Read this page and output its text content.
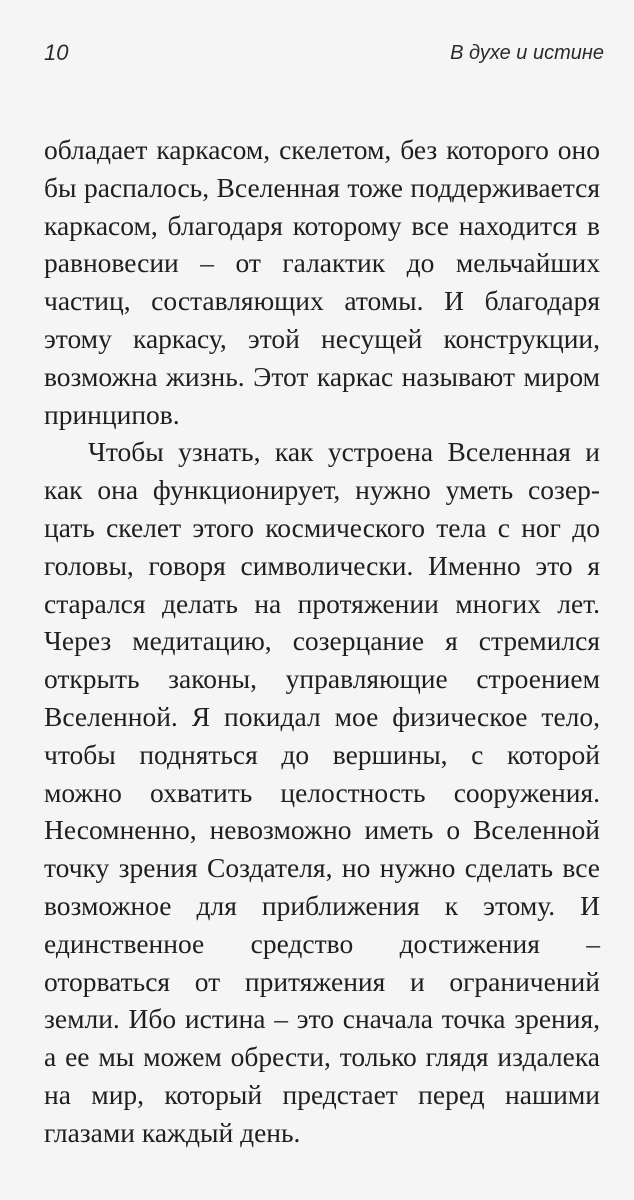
10	В духе и истине

обладает каркасом, скелетом, без которого оно бы распалось, Вселенная тоже поддерживается каркасом, благодаря которому все находится в равновесии – от галактик до мельчайших частиц, составляющих атомы. И благодаря этому каркасу, этой несущей конструкции, возможна жизнь. Этот каркас называют миром принципов.

Чтобы узнать, как устроена Вселенная и как она функционирует, нужно уметь созерцать скелет этого космического тела с ног до головы, говоря символически. Именно это я старался делать на протяжении многих лет. Через медитацию, созерцание я стремился открыть законы, управляющие строением Вселенной. Я покидал мое физическое тело, чтобы подняться до вершины, с которой можно охватить целостность сооружения. Несомненно, невозможно иметь о Вселенной точку зрения Создателя, но нужно сделать все возможное для приближения к этому. И единственное средство достижения – оторваться от притяжения и ограничений земли. Ибо истина – это сначала точка зрения, а ее мы можем обрести, только глядя издалека на мир, который предстает перед нашими глазами каждый день.
